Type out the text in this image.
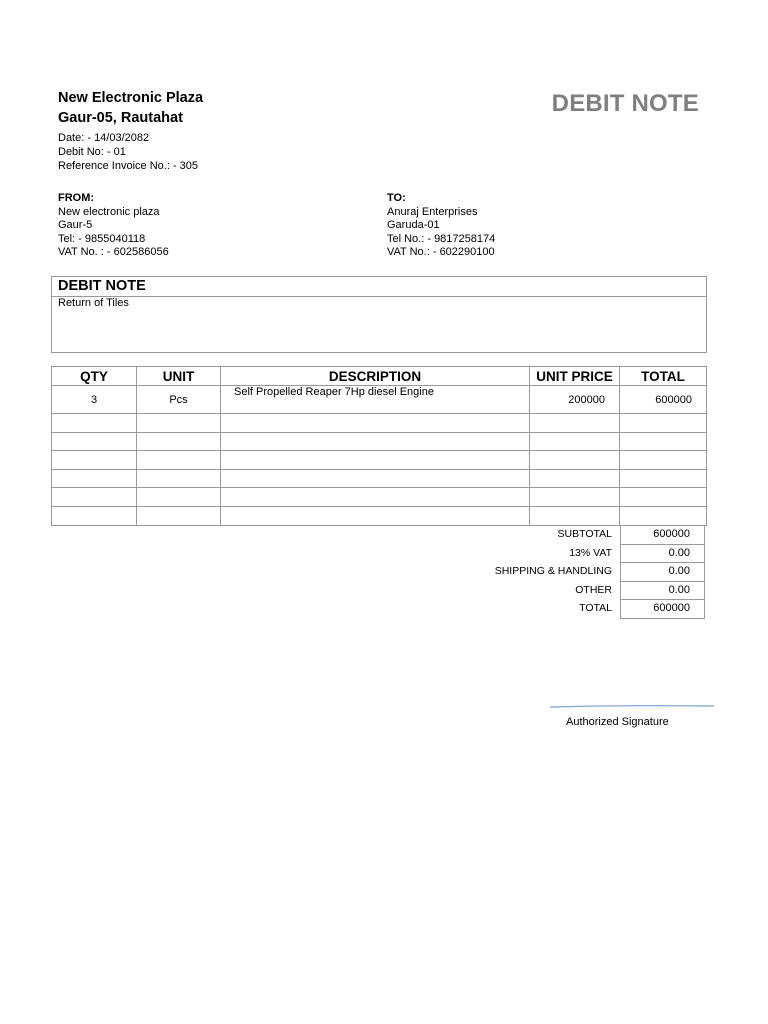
New Electronic Plaza
Gaur-05, Rautahat
Date: - 14/03/2082
Debit No: - 01
Reference Invoice No.: - 305
DEBIT NOTE
FROM:
New electronic plaza
Gaur-5
Tel: - 9855040118
VAT No. : - 602586056
TO:
Anuraj Enterprises
Garuda-01
Tel No.: - 9817258174
VAT No.: - 602290100
DEBIT NOTE
Return of Tiles
QTY	UNIT	DESCRIPTION	UNIT PRICE	TOTAL
3	Pcs	Self Propelled Reaper 7Hp diesel Engine	200000	600000

SUBTOTAL	600000
13% VAT	0.00
SHIPPING & HANDLING	0.00
OTHER	0.00
TOTAL	600000
Authorized Signature
